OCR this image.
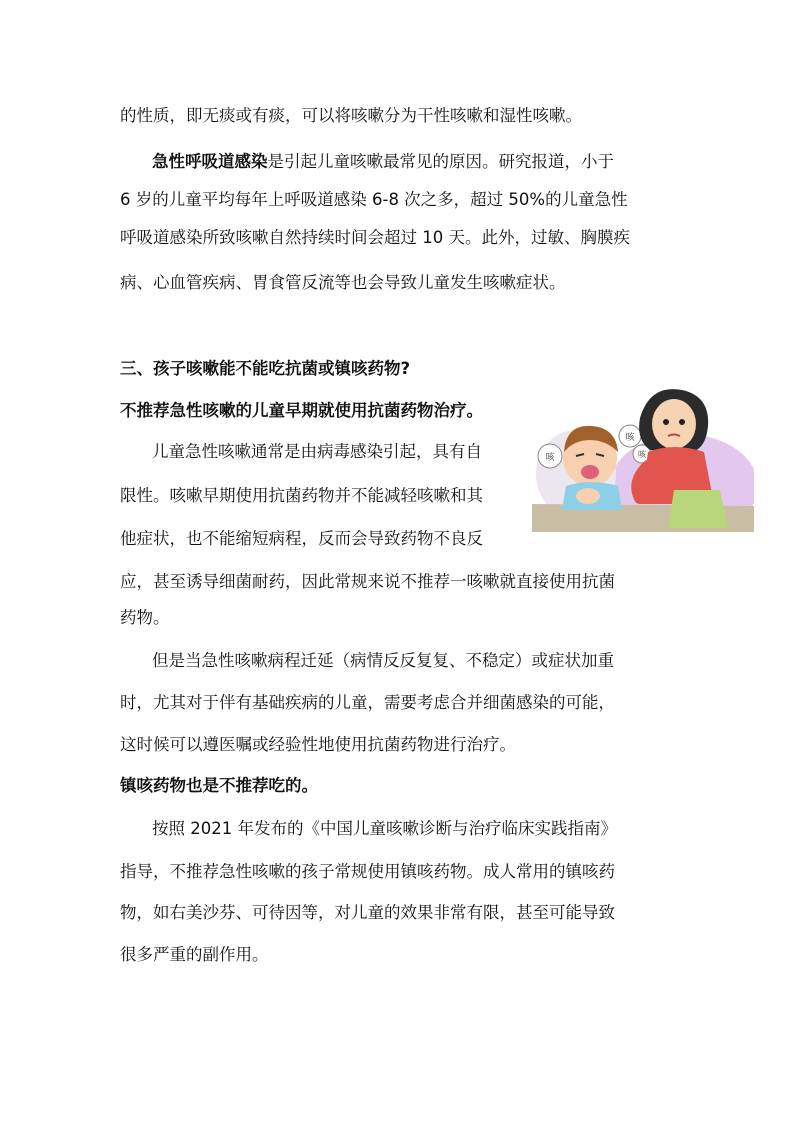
的性质，即无痰或有痰，可以将咳嗽分为干性咳嗽和湿性咳嗽。

急性呼吸道感染是引起儿童咳嗽最常见的原因。研究报道，小于

6 岁的儿童平均每年上呼吸道感染 6-8 次之多，超过 50%的儿童急性

呼吸道感染所致咳嗽自然持续时间会超过 10 天。此外，过敏、胸膜疾

病、心血管疾病、胃食管反流等也会导致儿童发生咳嗽症状。

三、孩子咳嗽能不能吃抗菌或镇咳药物?

不推荐急性咳嗽的儿童早期就使用抗菌药物治疗。

儿童急性咳嗽通常是由病毒感染引起，具有自

限性。咳嗽早期使用抗菌药物并不能减轻咳嗽和其

他症状，也不能缩短病程，反而会导致药物不良反

应，甚至诱导细菌耐药，因此常规来说不推荐一咳嗽就直接使用抗菌

药物。

但是当急性咳嗽病程迁延（病情反反复复、不稳定）或症状加重

时，尤其对于伴有基础疾病的儿童，需要考虑合并细菌感染的可能，

这时候可以遵医嘱或经验性地使用抗菌药物进行治疗。

镇咳药物也是不推荐吃的。

按照 2021 年发布的《中国儿童咳嗽诊断与治疗临床实践指南》

指导，不推荐急性咳嗽的孩子常规使用镇咳药物。成人常用的镇咳药

物，如右美沙芬、可待因等，对儿童的效果非常有限，甚至可能导致

很多严重的副作用。

咳
咳
咳
